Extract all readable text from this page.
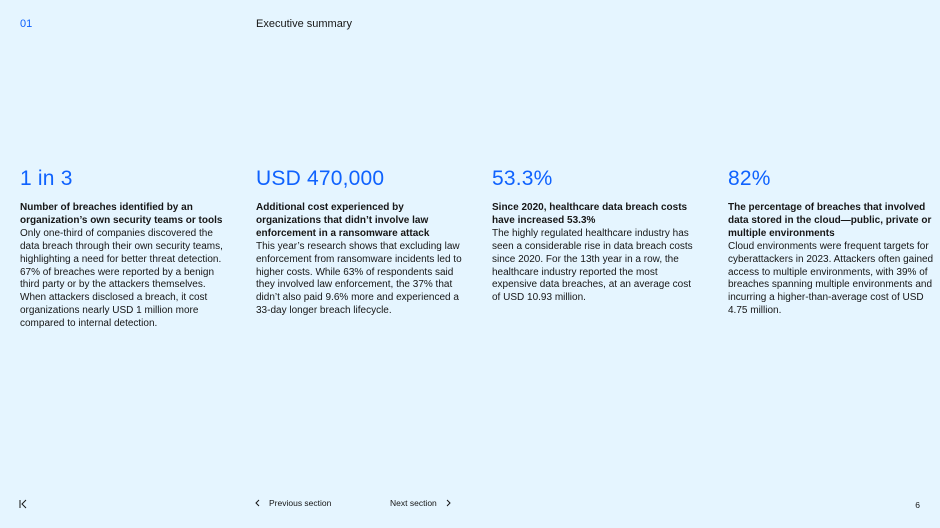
01	Executive summary
1 in 3
Number of breaches identified by an organization’s own security teams or tools
Only one-third of companies discovered the data breach through their own security teams, highlighting a need for better threat detection. 67% of breaches were reported by a benign third party or by the attackers themselves. When attackers disclosed a breach, it cost organizations nearly USD 1 million more compared to internal detection.
USD 470,000
Additional cost experienced by organizations that didn’t involve law enforcement in a ransomware attack
This year’s research shows that excluding law enforcement from ransomware incidents led to higher costs. While 63% of respondents said they involved law enforcement, the 37% that didn’t also paid 9.6% more and experienced a 33-day longer breach lifecycle.
53.3%
Since 2020, healthcare data breach costs have increased 53.3%
The highly regulated healthcare industry has seen a considerable rise in data breach costs since 2020. For the 13th year in a row, the healthcare industry reported the most expensive data breaches, at an average cost of USD 10.93 million.
82%
The percentage of breaches that involved data stored in the cloud—public, private or multiple environments
Cloud environments were frequent targets for cyberattackers in 2023. Attackers often gained access to multiple environments, with 39% of breaches spanning multiple environments and incurring a higher-than-average cost of USD 4.75 million.
Previous section	Next section	6
